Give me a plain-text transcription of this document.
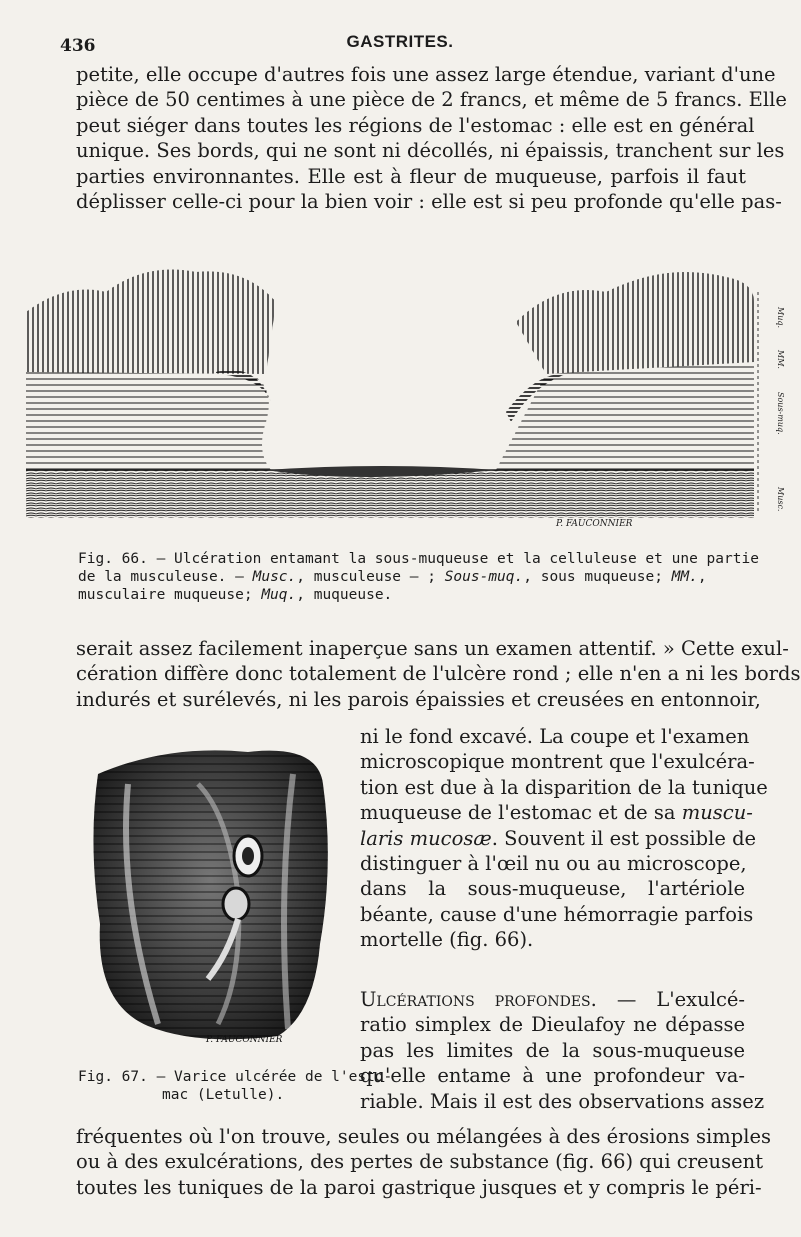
436	GASTRITES.
petite, elle occupe d'autres fois une assez large étendue, variant d'une
pièce de 50 centimes à une pièce de 2 francs, et même de 5 francs. Elle
peut siéger dans toutes les régions de l'estomac : elle est en général
unique. Ses bords, qui ne sont ni décollés, ni épaissis, tranchent sur les
parties environnantes. Elle est à fleur de muqueuse, parfois il faut
déplisser celle-ci pour la bien voir : elle est si peu profonde qu'elle pas-
Muq.
MM.
Sous-muq.
Musc.
P. FAUCONNIER
Fig. 66. — Ulcération entamant la sous-muqueuse et la celluleuse et une partie
de la musculeuse. — Musc., musculeuse — ; Sous-muq., sous muqueuse; MM.,
musculaire muqueuse; Muq., muqueuse.
serait assez facilement inaperçue sans un examen attentif. » Cette exul-
cération diffère donc totalement de l'ulcère rond ; elle n'en a ni les bords
indurés et surélevés, ni les parois épaissies et creusées en entonnoir,
ni le fond excavé. La coupe et l'examen
microscopique montrent que l'exulcéra-
tion est due à la disparition de la tunique
muqueuse de l'estomac et de sa muscu-
laris mucosæ. Souvent il est possible de
distinguer à l'œil nu ou au microscope,
dans la sous-muqueuse, l'artériole
béante, cause d'une hémorragie parfois
mortelle (fig. 66).
P. FAUCONNIER
Fig. 67. — Varice ulcérée de l'esto-
mac (Letulle).
Ulcérations profondes. — L'exulcé-
ratio simplex de Dieulafoy ne dépasse
pas les limites de la sous-muqueuse
qu'elle entame à une profondeur va-
riable. Mais il est des observations assez
fréquentes où l'on trouve, seules ou mélangées à des érosions simples
ou à des exulcérations, des pertes de substance (fig. 66) qui creusent
toutes les tuniques de la paroi gastrique jusques et y compris le péri-
